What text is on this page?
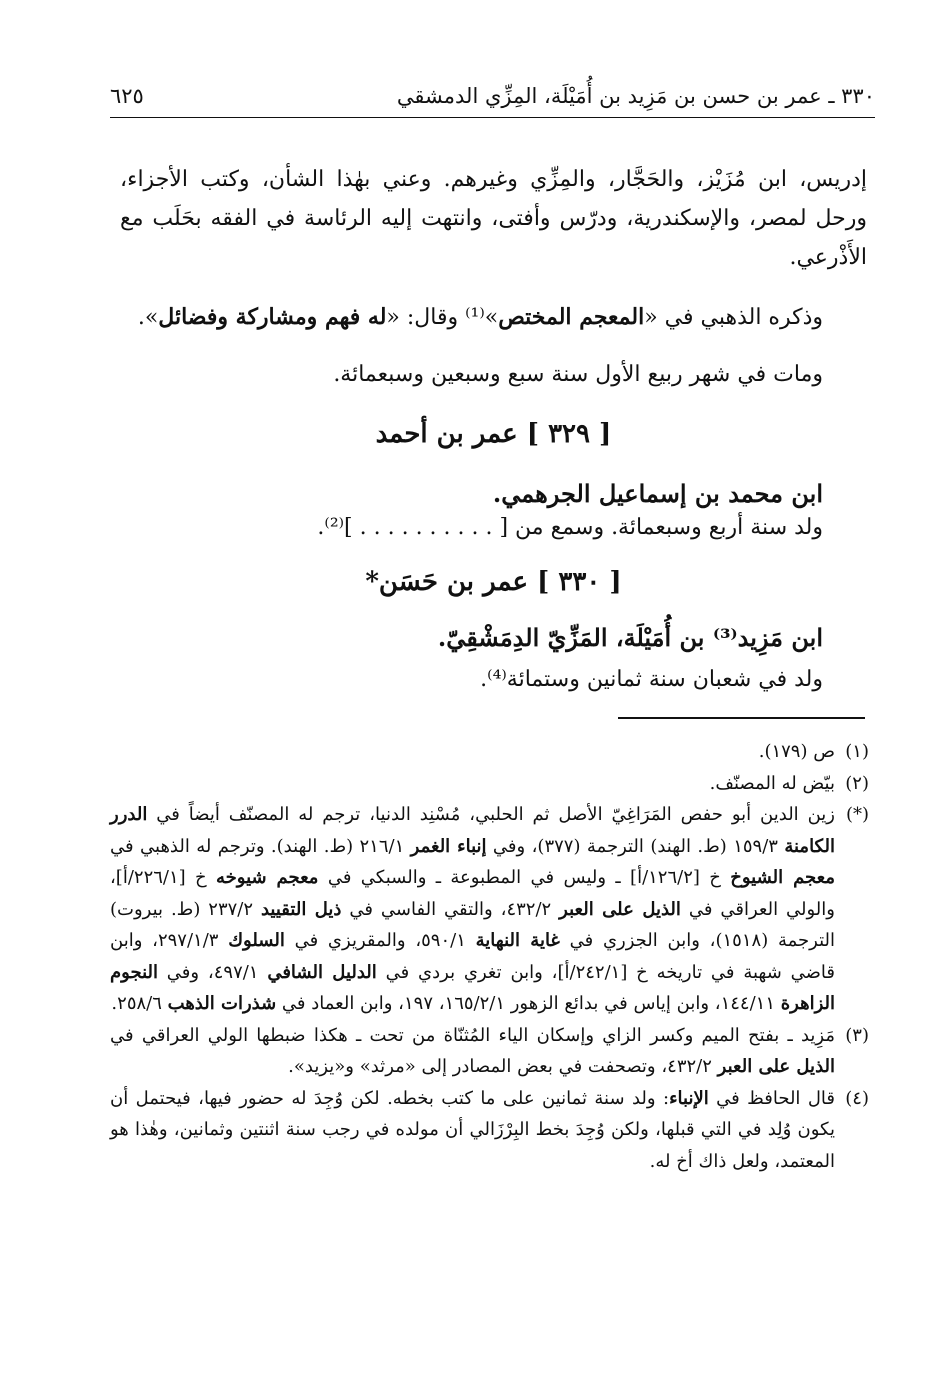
٣٣٠ ـ عمر بن حسن بن مَزِيد بن أُمَيْلَة، المِزِّي الدمشقي
٦٢٥

إدريس، ابن مُزَيْز، والحَجَّار، والمِزِّي وغيرهم. وعني بهٰذا الشأن، وكتب الأجزاء، ورحل لمصر، والإسكندرية، ودرّس وأفتى، وانتهت إليه الرئاسة في الفقه بحَلَب مع الأَذْرعي.

وذكره الذهبي في «المعجم المختص»⁽¹⁾ وقال: «له فهم ومشاركة وفضائل».

ومات في شهر ربيع الأول سنة سبع وسبعين وسبعمائة.

[ ٣٢٩ ] عمر بن أحمد
ابن محمد بن إسماعيل الجرهمي.
ولد سنة أربع وسبعمائة. وسمع من [ . . . . . . . . . . ]⁽²⁾.
[ ٣٣٠ ] عمر بن حَسَن*
ابن مَزِيد⁽³⁾ بن أُمَيْلَة، المَزِّيّ الدِمَشْقِيّ.
ولد في شعبان سنة ثمانين وستمائة⁽⁴⁾.
(١)
ص (١٧٩).
(٢)
بيّض له المصنّف.
(*)
زين الدين أبو حفص المَرَاغِيّ الأصل ثم الحلبي، مُسْنِد الدنيا، ترجم له المصنّف أيضاً في الدرر الكامنة ١٥٩/٣ (ط. الهند) الترجمة (٣٧٧)، وفي إنباء الغمر ٢١٦/١ (ط. الهند). وترجم له الذهبي في معجم الشيوخ خ [١٢٦/٢/أ] ـ وليس في المطبوعة ـ والسبكي في معجم شيوخه خ [٢٢٦/١/أ]، والولي العراقي في الذيل على العبر ٤٣٢/٢، والتقي الفاسي في ذيل التقييد ٢٣٧/٢ (ط. بيروت) الترجمة (١٥١٨)، وابن الجزري في غاية النهاية ٥٩٠/١، والمقريزي في السلوك ٢٩٧/١/٣، وابن قاضي شهبة في تاريخه خ [٢٤٢/١/أ]، وابن تغري بردي في الدليل الشافي ٤٩٧/١، وفي النجوم الزاهرة ١٤٤/١١، وابن إياس في بدائع الزهور ١٦٥/٢/١، ١٩٧، وابن العماد في شذرات الذهب ٢٥٨/٦.
(٣)
مَزِيد ـ بفتح الميم وكسر الزاي وإسكان الياء المُثنّاة من تحت ـ هكذا ضبطها الولي العراقي في الذيل على العبر ٤٣٢/٢، وتصحفت في بعض المصادر إلى «مرثد» و«يزيد».
(٤)
قال الحافظ في الإنباء: ولد سنة ثمانين على ما كتب بخطه. لكن وُجِدَ له حضور فيها، فيحتمل أن يكون وُلِد في التي قبلها، ولكن وُجِدَ بخط البِرْزَالي أن مولده في رجب سنة اثنتين وثمانين، وهٰذا هو المعتمد، ولعل ذاك أخ له.
